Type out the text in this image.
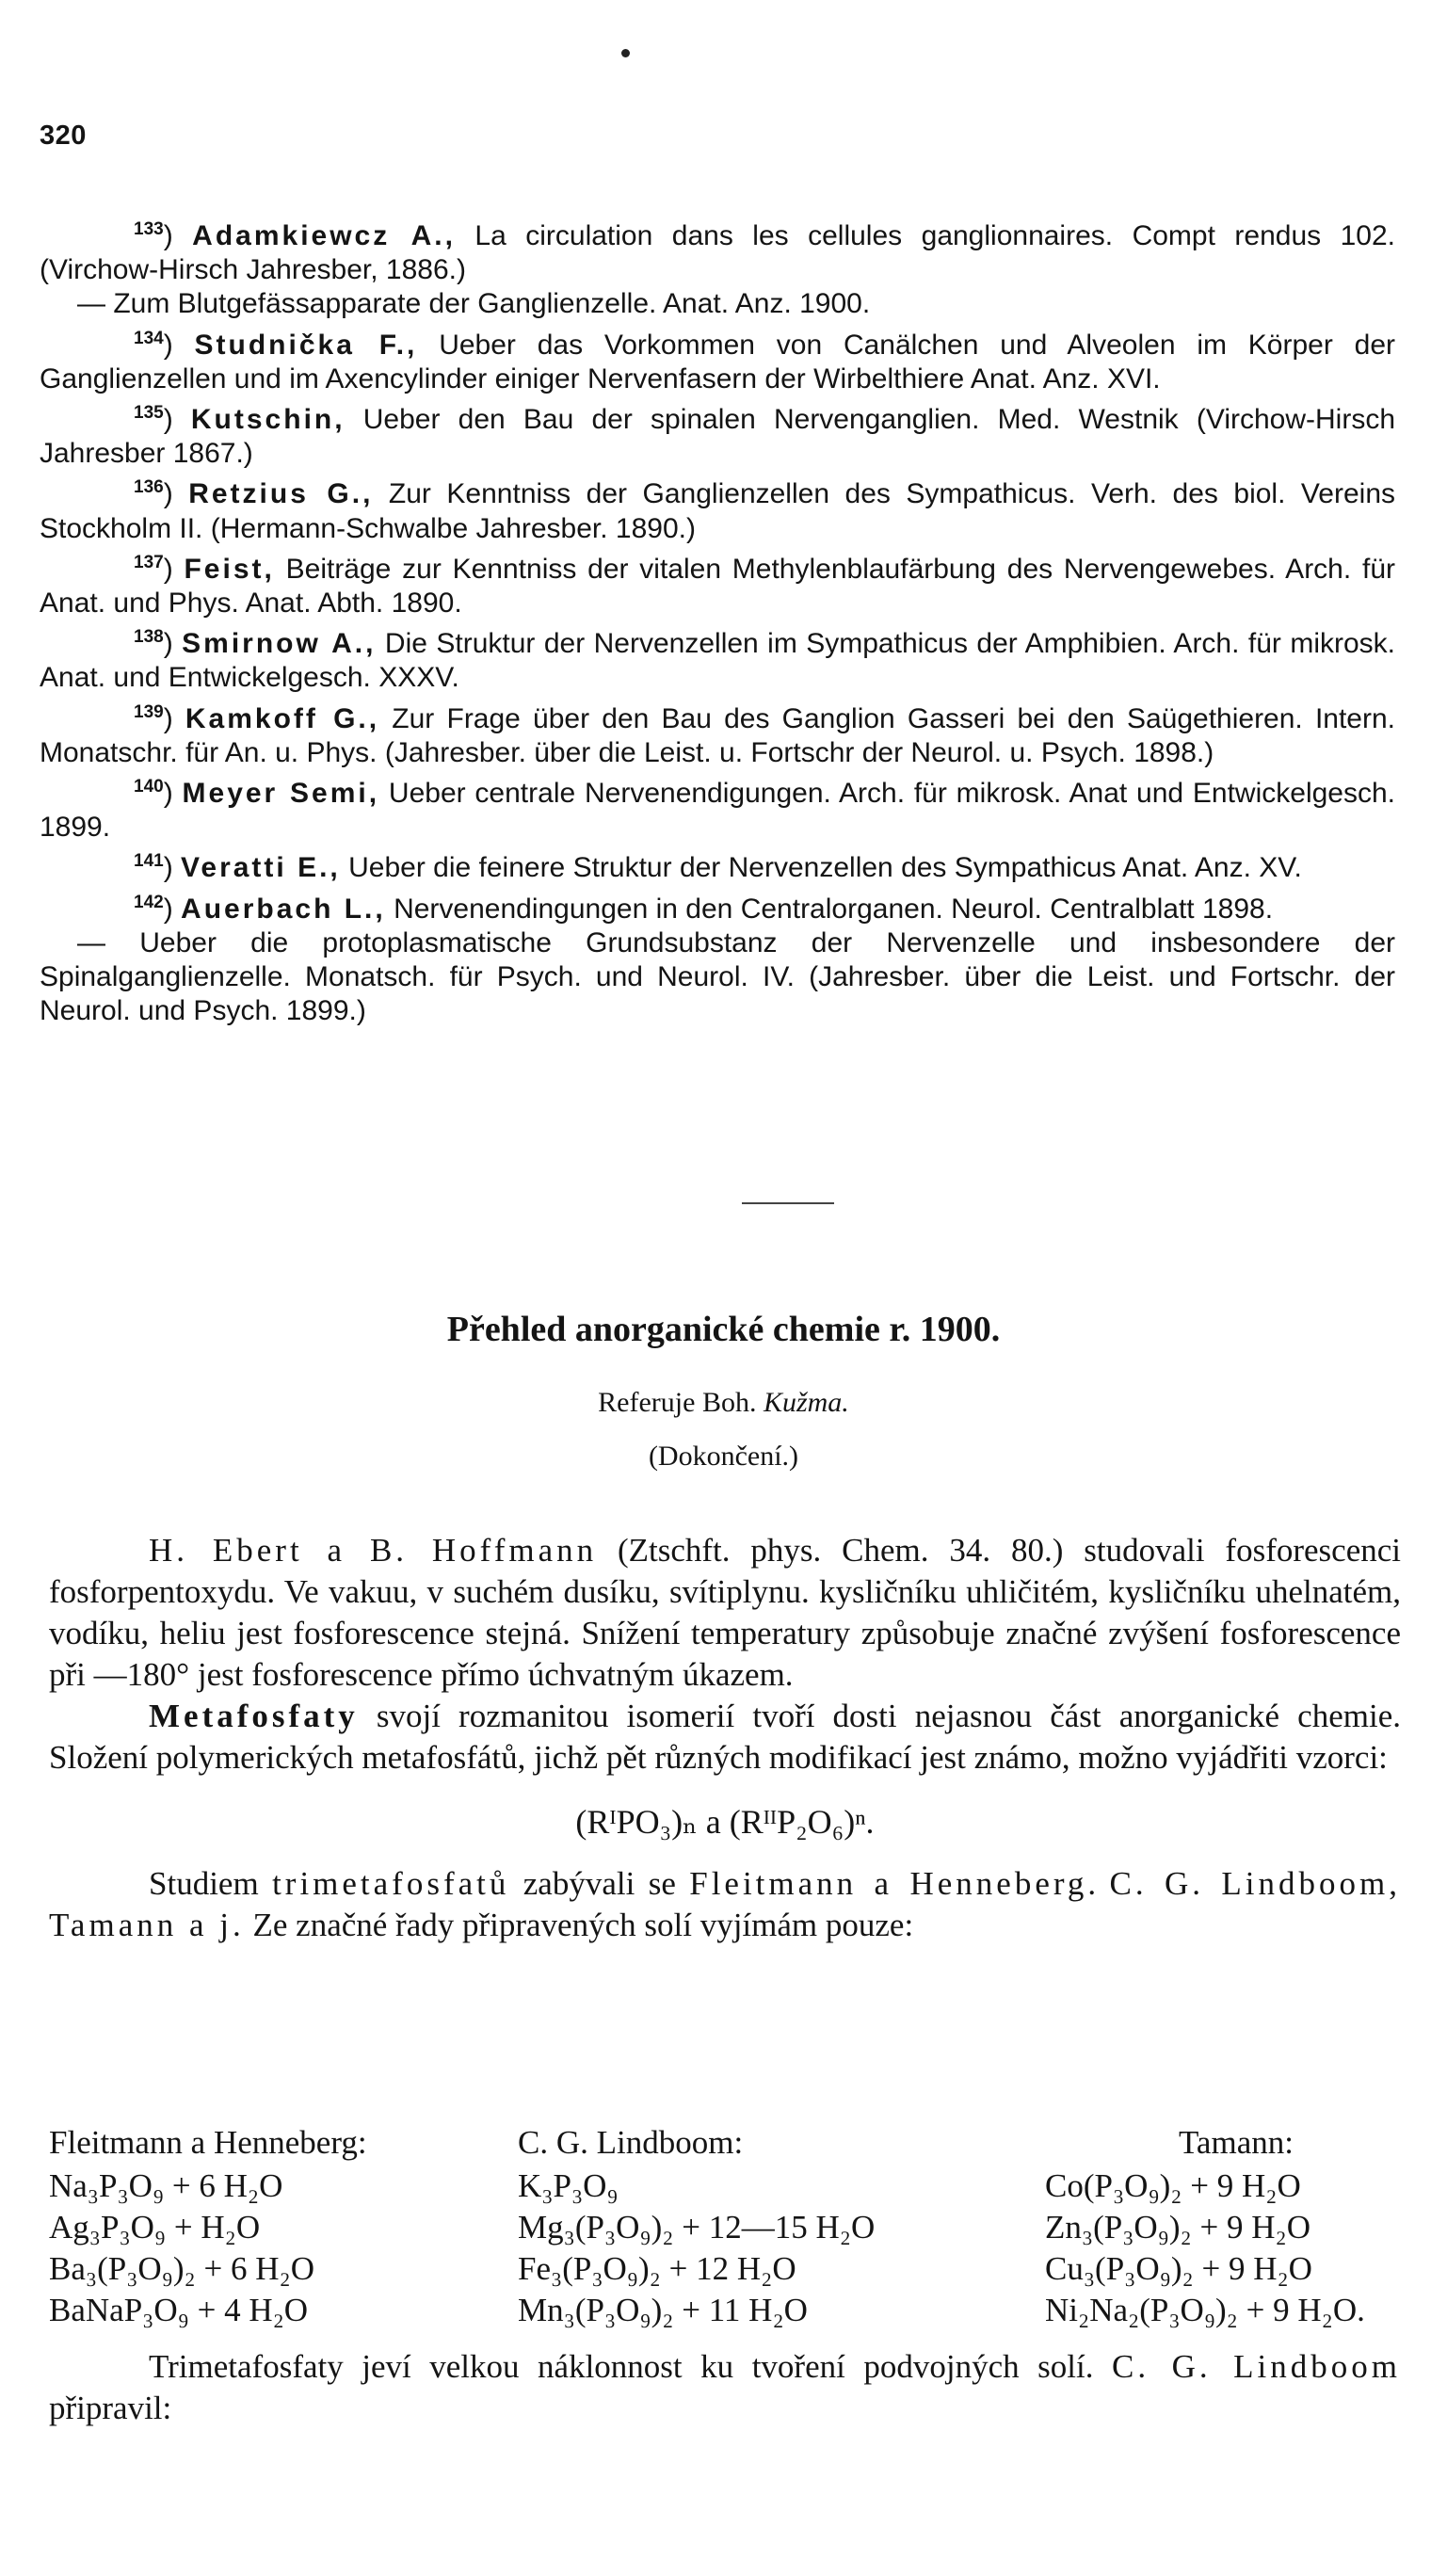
320
$^{133}$) Adamkiewcz A., La circulation dans les cellules ganglionnaires. Compt rendus 102. (Virchow-Hirsch Jahresber, 1886.)
— Zum Blutgefässapparate der Ganglienzelle. Anat. Anz. 1900.
$^{134}$) Studnička F., Ueber das Vorkommen von Canälchen und Alveolen im Körper der Ganglienzellen und im Axencylinder einiger Nervenfasern der Wirbelthiere Anat. Anz. XVI.
$^{135}$) Kutschin, Ueber den Bau der spinalen Nervenganglien. Med. Westnik (Virchow-Hirsch Jahresber 1867.)
$^{136}$) Retzius G., Zur Kenntniss der Ganglienzellen des Sympathicus. Verh. des biol. Vereins Stockholm II. (Hermann-Schwalbe Jahresber. 1890.)
$^{137}$) Feist, Beiträge zur Kenntniss der vitalen Methylenblaufärbung des Nervengewebes. Arch. für Anat. und Phys. Anat. Abth. 1890.
$^{138}$) Smirnow A., Die Struktur der Nervenzellen im Sympathicus der Amphibien. Arch. für mikrosk. Anat. und Entwickelgesch. XXXV.
$^{139}$) Kamkoff G., Zur Frage über den Bau des Ganglion Gasseri bei den Saügethieren. Intern. Monatschr. für An. u. Phys. (Jahresber. über die Leist. u. Fortschr der Neurol. u. Psych. 1898.)
$^{140}$) Meyer Semi, Ueber centrale Nervenendigungen. Arch. für mikrosk. Anat und Entwickelgesch. 1899.
$^{141}$) Veratti E., Ueber die feinere Struktur der Nervenzellen des Sympathicus Anat. Anz. XV.
$^{142}$) Auerbach L., Nervenendingungen in den Centralorganen. Neurol. Centralblatt 1898.
— Ueber die protoplasmatische Grundsubstanz der Nervenzelle und insbesondere der Spinalganglienzelle. Monatsch. für Psych. und Neurol. IV. (Jahresber. über die Leist. und Fortschr. der Neurol. und Psych. 1899.)
Přehled anorganické chemie r. 1900.
Referuje Boh. Kužma.
(Dokončení.)

H. Ebert a B. Hoffmann (Ztschft. phys. Chem. 34. 80.) studovali fosforescenci fosforpentoxydu. Ve vakuu, v suchém dusíku, svítiplynu. kysličníku uhličitém, kysličníku uhelnatém, vodíku, heliu jest fosforescence stejná. Snížení temperatury způsobuje značné zvýšení fosforescence při —180° jest fosforescence přímo úchvatným úkazem.

Metafosfaty svojí rozmanitou isomerií tvoří dosti nejasnou část anorganické chemie. Složení polymerických metafosfátů, jichž pět různých modifikací jest známo, možno vyjádřiti vzorci:

(RᴵPO₃)ₙ a (RᴵᴵP₂O₆)ⁿ.

Studiem trimetafosfatů zabývali se Fleitmann a Henneberg. C. G. Lindboom, Tamann a j. Ze značné řady připravených solí vyjímám pouze:

Fleitmann a Henneberg:	C. G. Lindboom:	Tamann:
Na₃P₃O₉ + 6 H₂O	K₃P₃O₉	Co(P₃O₉)₂ + 9 H₂O
Ag₃P₃O₉ + H₂O	Mg₃(P₃O₉)₂ + 12—15 H₂O	Zn₃(P₃O₉)₂ + 9 H₂O
Ba₃(P₃O₉)₂ + 6 H₂O	Fe₃(P₃O₉)₂ + 12 H₂O	Cu₃(P₃O₉)₂ + 9 H₂O
BaNaP₃O₉ + 4 H₂O	Mn₃(P₃O₉)₂ + 11 H₂O	Ni₂Na₂(P₃O₉)₂ + 9 H₂O.

Trimetafosfaty jeví velkou náklonnost ku tvoření podvojných solí. C. G. Lindboom připravil:
